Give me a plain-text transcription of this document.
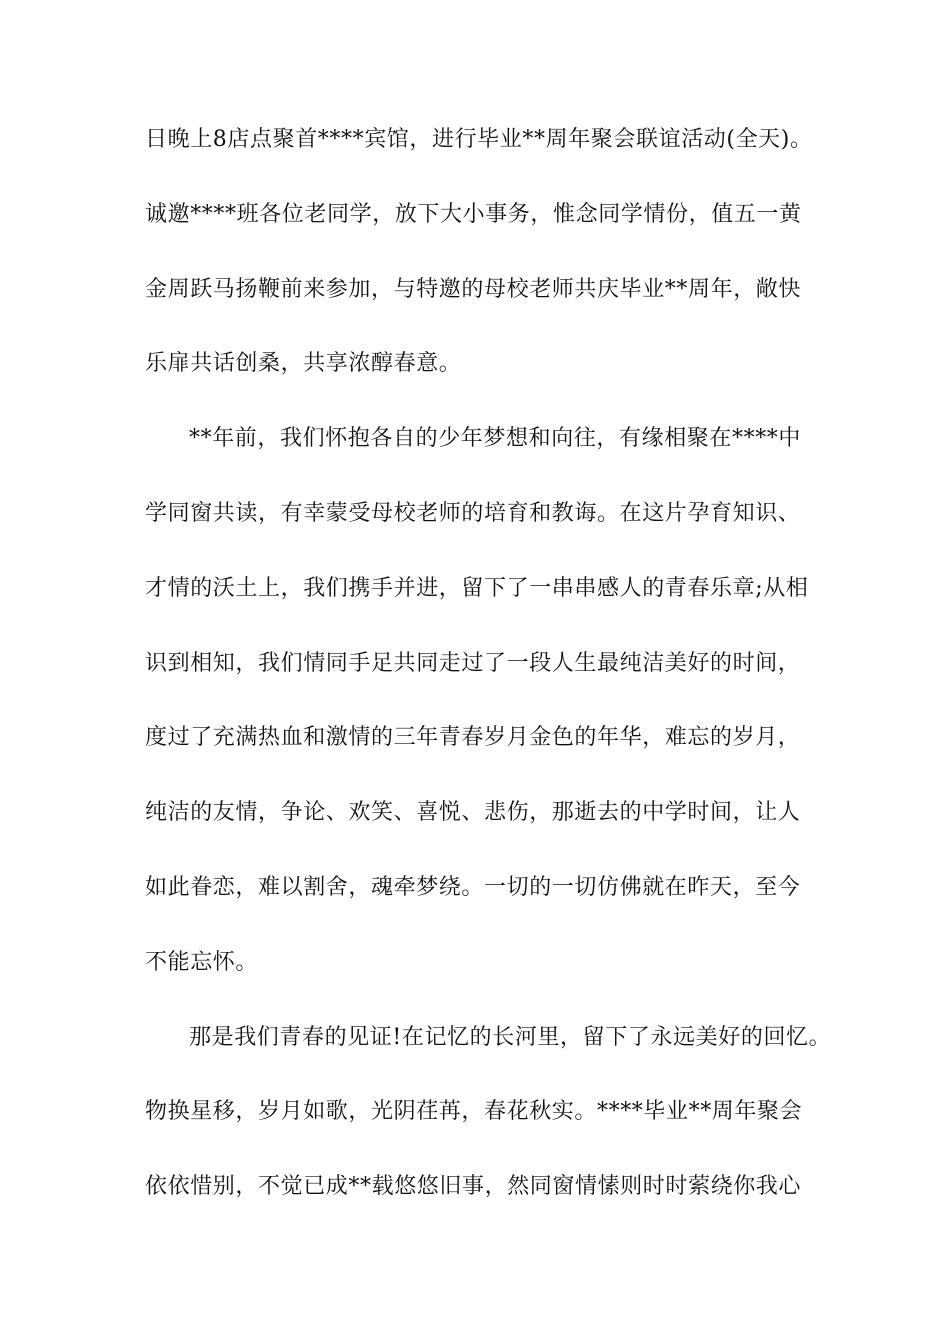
日晚上8店点聚首****宾馆，进行毕业**周年聚会联谊活动(全天)。
诚邀****班各位老同学，放下大小事务，惟念同学情份，值五一黄
金周跃马扬鞭前来参加，与特邀的母校老师共庆毕业**周年，敞快
乐扉共话创桑，共享浓醇春意。
**年前，我们怀抱各自的少年梦想和向往，有缘相聚在****中
学同窗共读，有幸蒙受母校老师的培育和教诲。在这片孕育知识、
才情的沃土上，我们携手并进，留下了一串串感人的青春乐章;从相
识到相知，我们情同手足共同走过了一段人生最纯洁美好的时间，
度过了充满热血和激情的三年青春岁月金色的年华，难忘的岁月，
纯洁的友情，争论、欢笑、喜悦、悲伤，那逝去的中学时间，让人
如此眷恋，难以割舍，魂牵梦绕。一切的一切仿佛就在昨天，至今
不能忘怀。
那是我们青春的见证!在记忆的长河里，留下了永远美好的回忆。
物换星移，岁月如歌，光阴荏苒，春花秋实。****毕业**周年聚会
依依惜别，不觉已成**载悠悠旧事，然同窗情愫则时时萦绕你我心
